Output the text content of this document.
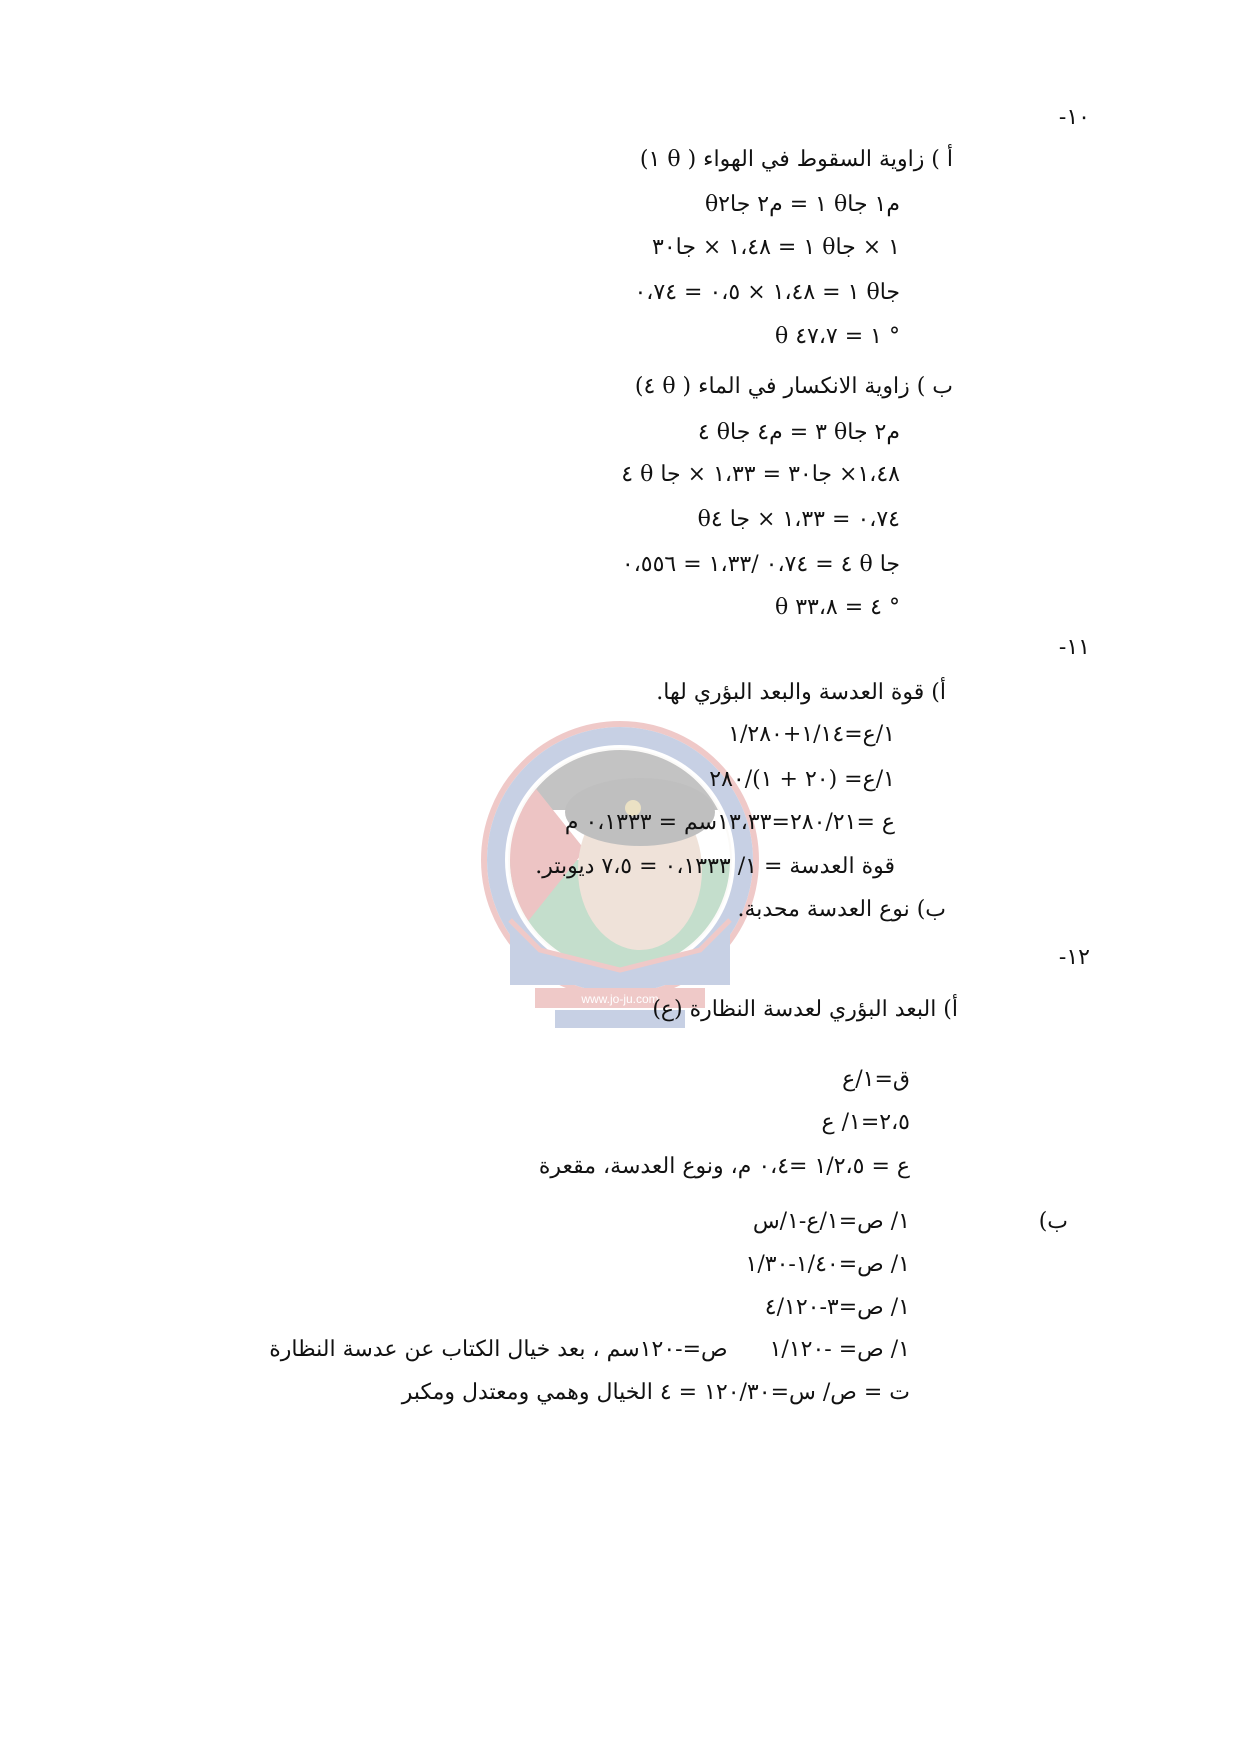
www.jo-ju.com
-١٠
أ ) زاوية السقوط في الهواء ( θ ١)
م١ جاθ ١ = م٢ جاθ٢
١ × جاθ ١ = ١،٤٨ × جا٣٠
جاθ ١ = ١،٤٨ × ٠،٥ = ٠،٧٤
θ ١ = ٤٧،٧ °
ب ) زاوية الانكسار في الماء ( θ ٤)
م٢ جاθ ٣ = م٤ جاθ ٤
١،٤٨× جا٣٠ = ١،٣٣ × جا θ ٤
٠،٧٤ = ١،٣٣ × جا θ٤
جا θ ٤ = ٠،٧٤ /١،٣٣ = ٠،٥٥٦
θ ٤ = ٣٣،٨ °
-١١
أ) قوة العدسة والبعد البؤري لها.
١/ع=١/١٤+١/٢٨٠
١/ع= (٢٠ + ١)/٢٨٠
ع =٢٨٠/٢١=١٣،٣٣سم = ٠،١٣٣٣ م
قوة العدسة = ١/ ٠،١٣٣٣ = ٧،٥ ديوبتر.
ب) نوع العدسة محدبة.
-١٢
أ) البعد البؤري لعدسة النظارة (ع)
ق=١/ع
٢،٥=١/ ع
ع = ١/٢،٥ =٠،٤ م، ونوع العدسة، مقعرة
ب)
١/ ص=١/ع-١/س
١/ ص=١/٤٠-١/٣٠
١/ ص=٣-٤/١٢٠
١/ ص= -١/١٢٠      ص=-١٢٠سم ، بعد خيال الكتاب عن عدسة النظارة
ت = ص/ س=١٢٠/٣٠ = ٤ الخيال وهمي ومعتدل ومكبر
